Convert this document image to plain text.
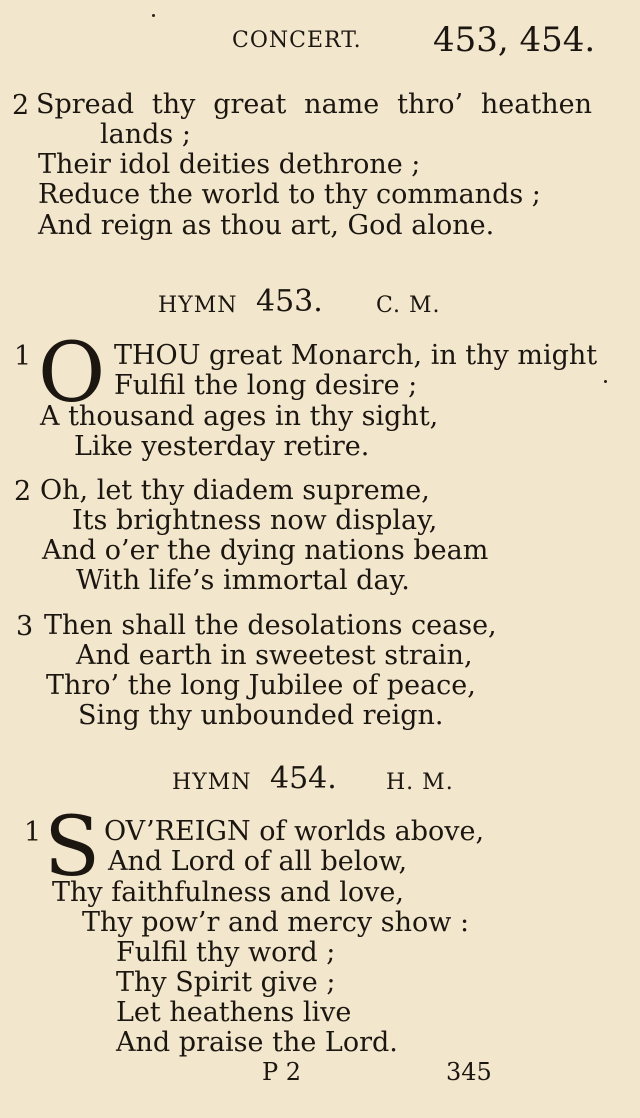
CONCERT. 453, 454.
2 Spread thy great name thro’ heathen
lands ;
Their idol deities dethrone ;
Reduce the world to thy commands ;
And reign as thou art, God alone.
HYMN 453. C. M.
1 O THOU great Monarch, in thy might
Fulfil the long desire ;
A thousand ages in thy sight,
Like yesterday retire.
2 Oh, let thy diadem supreme,
Its brightness now display,
And o’er the dying nations beam
With life’s immortal day.
3 Then shall the desolations cease,
And earth in sweetest strain,
Thro’ the long Jubilee of peace,
Sing thy unbounded reign.
HYMN 454. H. M.
1 S OV’REIGN of worlds above,
And Lord of all below,
Thy faithfulness and love,
Thy pow’r and mercy show :
Fulfil thy word ;
Thy Spirit give ;
Let heathens live
And praise the Lord.
P 2	345
